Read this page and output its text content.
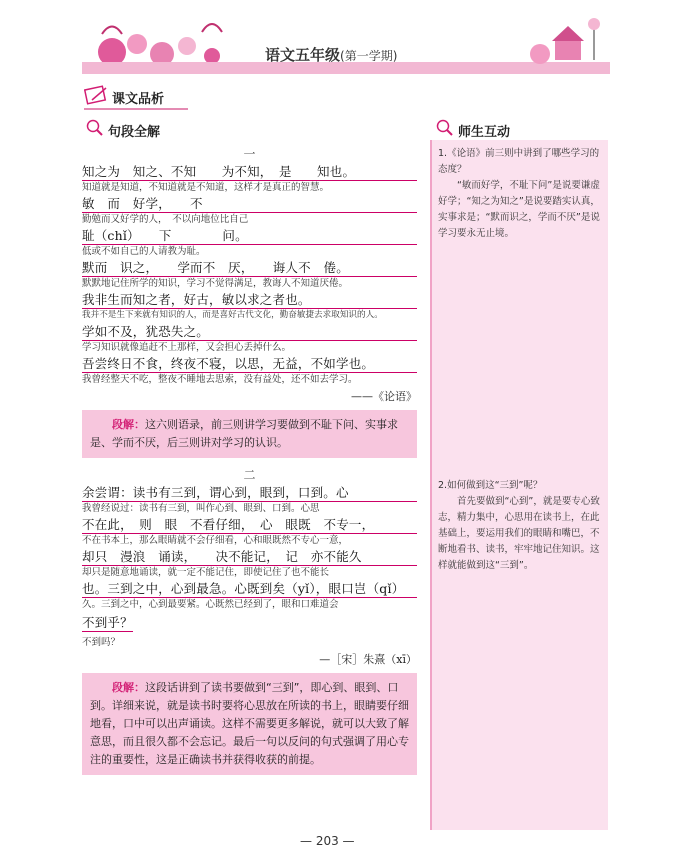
语文五年级(第一学期)
课文品析
句段全解	师生互动
一
知之为　知之、不知　　为不知，　是　　知也。
知道就是知道，不知道就是不知道，这样才是真正的智慧。
敏　而　好学，　　不
勤勉而又好学的人，　不以向地位比自己
耻（chǐ）　　下　　　　问。
低或不如自己的人请教为耻。
默而　识之，　　学而不　厌，　　诲人不　倦。
默默地记住所学的知识，学习不觉得满足，教诲人不知道厌倦。
我非生而知之者，好古，敏以求之者也。
我并不是生下来就有知识的人，而是喜好古代文化，勤奋敏捷去求取知识的人。
学如不及，犹恐失之。
学习知识就像追赶不上那样，又会担心丢掉什么。
吾尝终日不食，终夜不寝，以思，无益，不如学也。
我曾经整天不吃，整夜不睡地去思索，没有益处，还不如去学习。
——《论语》
段解：这六则语录，前三则讲学习要做到不耻下问、实事求是、学而不厌，后三则讲对学习的认识。
二
余尝谓：读书有三到，谓心到，眼到，口到。心
我曾经说过：读书有三到，叫作心到、眼到、口到。心思
不在此，　则　眼　不看仔细，　心　眼既　不专一，
不在书本上，那么眼睛就不会仔细看，心和眼既然不专心一意，
却只　漫浪　诵读，　　决不能记，　记　亦不能久
却只是随意地诵读，就一定不能记住，即使记住了也不能长
也。三到之中，心到最急。心既到矣（yǐ），眼口岂（qǐ）
久。三到之中，心到最要紧。心既然已经到了，眼和口难道会
不到乎？
不到吗？
—［宋］朱熹（xī）
段解：这段话讲到了读书要做到“三到”，即心到、眼到、口到。详细来说，就是读书时要将心思放在所读的书上，眼睛要仔细地看，口中可以出声诵读。这样不需要更多解说，就可以大致了解意思，而且很久都不会忘记。最后一句以反问的句式强调了用心专注的重要性，这是正确读书并获得收获的前提。
1.《论语》前三则中讲到了哪些学习的态度？
“敏而好学，不耻下问”是说要谦虚好学；“知之为知之”是说要踏实认真，实事求是；“默而识之，学而不厌”是说学习要永无止境。
2.如何做到这“三到”呢？
首先要做到“心到”，就是要专心致志，精力集中，心思用在读书上，在此基础上，要运用我们的眼睛和嘴巴，不断地看书、读书，牢牢地记住知识。这样就能做到这“三到”。
— 203 —
